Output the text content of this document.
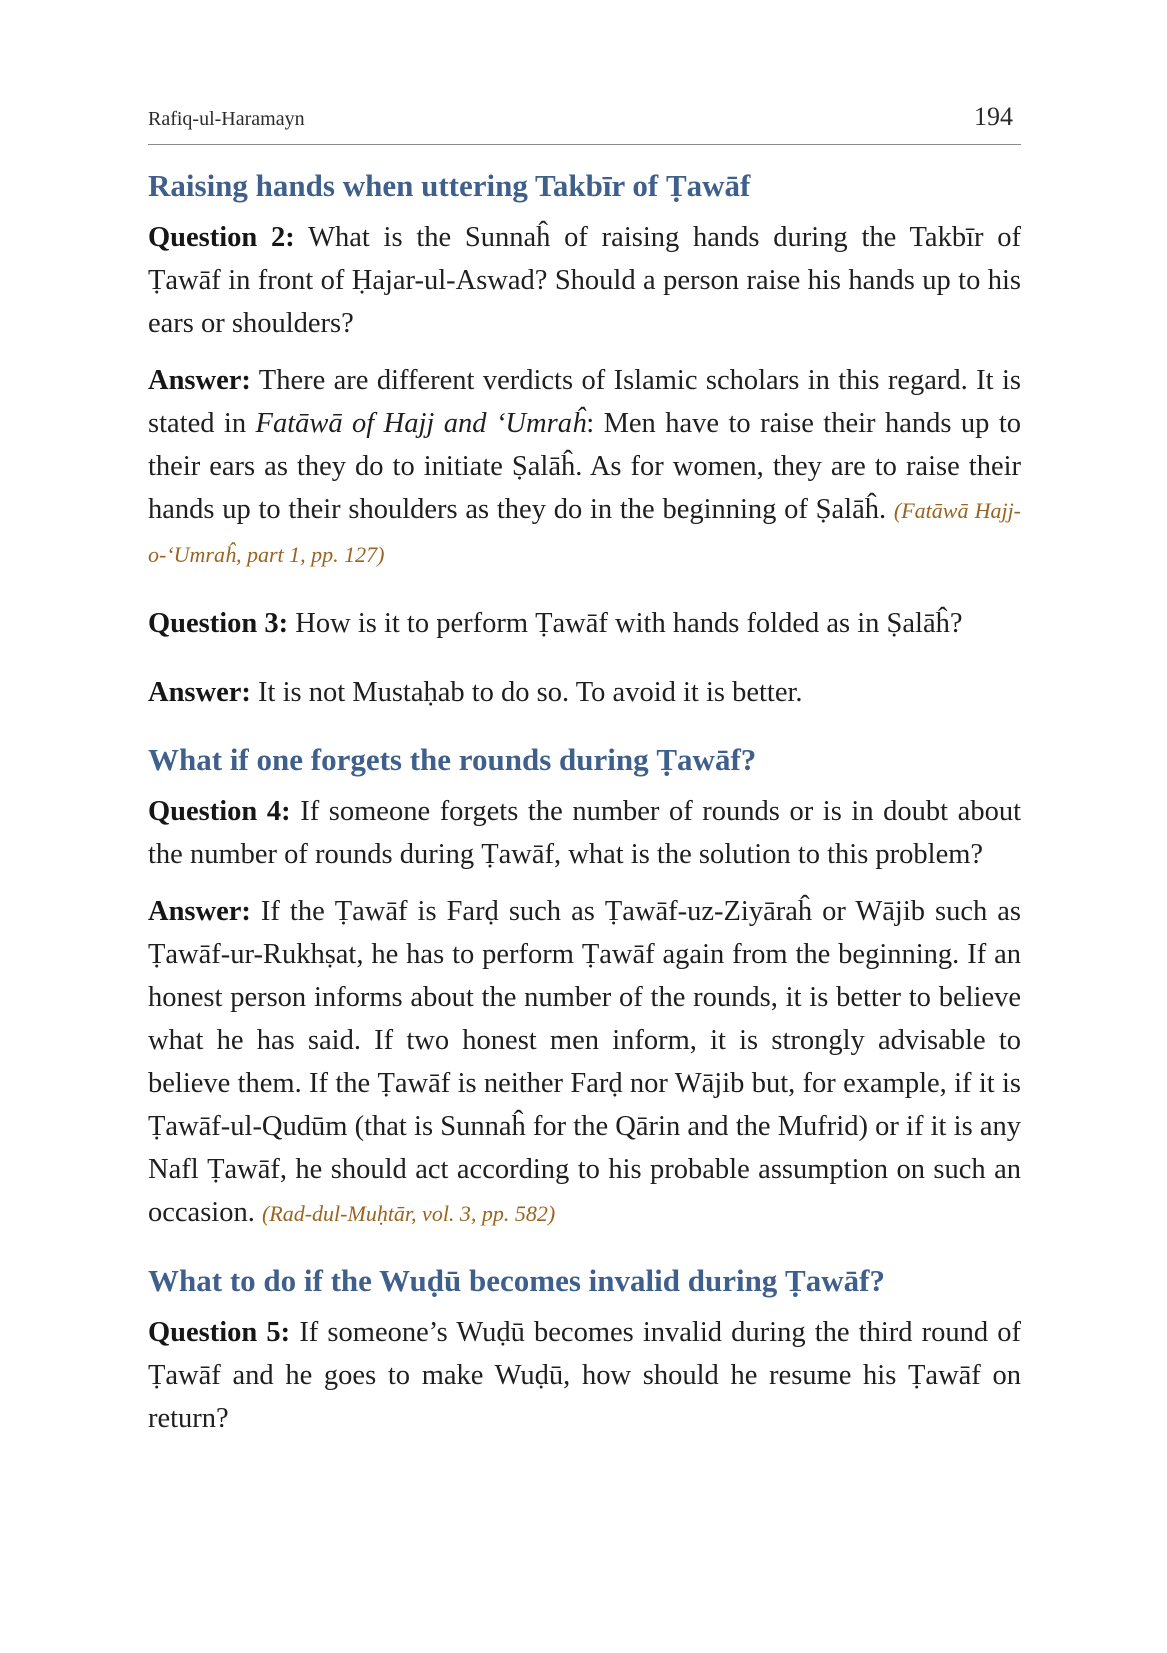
Rafiq-ul-Haramayn	194
Raising hands when uttering Takbīr of Ṭawāf

Question 2: What is the Sunnaĥ of raising hands during the Takbīr of Ṭawāf in front of Ḥajar-ul-Aswad? Should a person raise his hands up to his ears or shoulders?

Answer: There are different verdicts of Islamic scholars in this regard. It is stated in Fatāwā of Hajj and ‘Umraĥ: Men have to raise their hands up to their ears as they do to initiate Ṣalāĥ. As for women, they are to raise their hands up to their shoulders as they do in the beginning of Ṣalāĥ. (Fatāwā Hajj-o-‘Umraĥ, part 1, pp. 127)

Question 3: How is it to perform Ṭawāf with hands folded as in Ṣalāĥ?

Answer: It is not Mustaḥab to do so. To avoid it is better.

What if one forgets the rounds during Ṭawāf?

Question 4: If someone forgets the number of rounds or is in doubt about the number of rounds during Ṭawāf, what is the solution to this problem?

Answer: If the Ṭawāf is Farḍ such as Ṭawāf-uz-Ziyāraĥ or Wājib such as Ṭawāf-ur-Rukhṣat, he has to perform Ṭawāf again from the beginning. If an honest person informs about the number of the rounds, it is better to believe what he has said. If two honest men inform, it is strongly advisable to believe them. If the Ṭawāf is neither Farḍ nor Wājib but, for example, if it is Ṭawāf-ul-Qudūm (that is Sunnaĥ for the Qārin and the Mufrid) or if it is any Nafl Ṭawāf, he should act according to his probable assumption on such an occasion. (Rad-dul-Muḥtār, vol. 3, pp. 582)

What to do if the Wuḍū becomes invalid during Ṭawāf?

Question 5: If someone’s Wuḍū becomes invalid during the third round of Ṭawāf and he goes to make Wuḍū, how should he resume his Ṭawāf on return?
